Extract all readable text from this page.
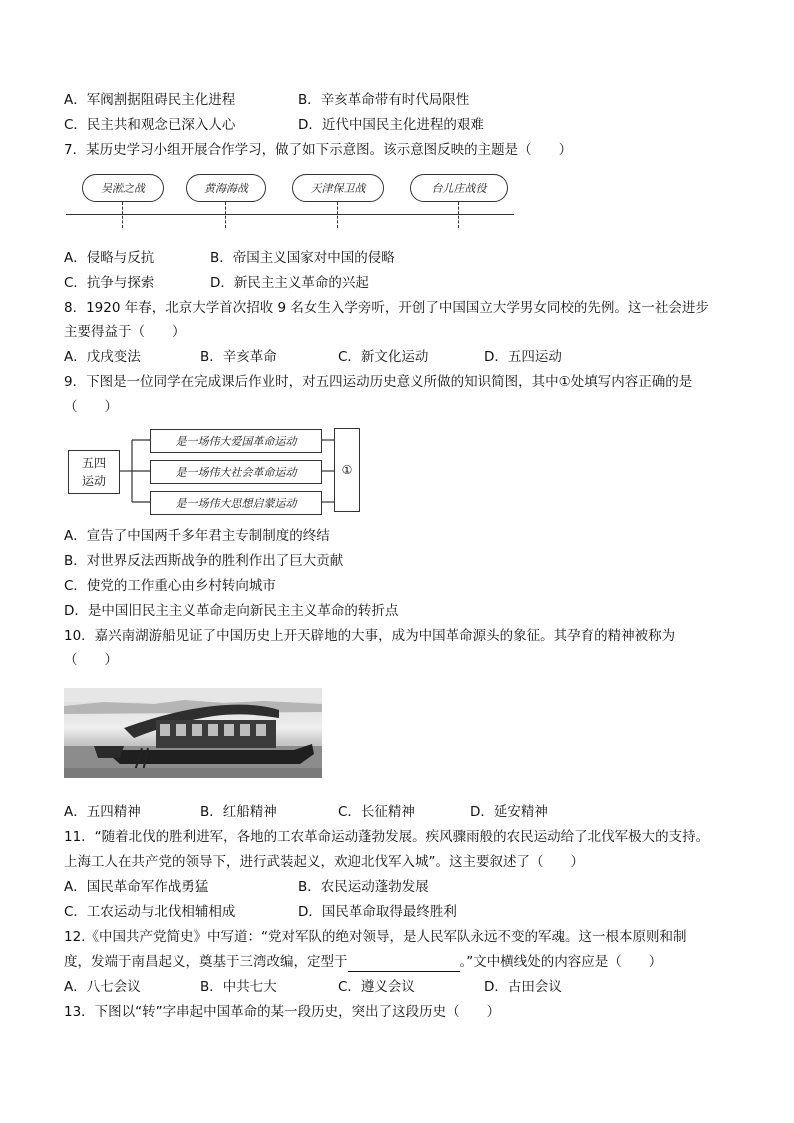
A．军阀割据阻碍民主化进程	B．辛亥革命带有时代局限性
C．民主共和观念已深入人心	D．近代中国民主化进程的艰难
7．某历史学习小组开展合作学习，做了如下示意图。该示意图反映的主题是（　　）
吴淞之战	黄海海战	天津保卫战	台儿庄战役
A．侵略与反抗	B．帝国主义国家对中国的侵略
C．抗争与探索	D．新民主主义革命的兴起
8．1920 年春，北京大学首次招收 9 名女生入学旁听，开创了中国国立大学男女同校的先例。这一社会进步
主要得益于（　　）
A．戊戌变法	B．辛亥革命	C．新文化运动	D．五四运动
9．下图是一位同学在完成课后作业时，对五四运动历史意义所做的知识简图，其中①处填写内容正确的是
（　　）
五四
运动
是一场伟大爱国革命运动
是一场伟大社会革命运动
是一场伟大思想启蒙运动
①
A．宣告了中国两千多年君主专制制度的终结
B．对世界反法西斯战争的胜利作出了巨大贡献
C．使党的工作重心由乡村转向城市
D．是中国旧民主主义革命走向新民主主义革命的转折点
10．嘉兴南湖游船见证了中国历史上开天辟地的大事，成为中国革命源头的象征。其孕育的精神被称为
（　　）
A．五四精神	B．红船精神	C．长征精神	D．延安精神
11．“随着北伐的胜利进军，各地的工农革命运动蓬勃发展。疾风骤雨般的农民运动给了北伐军极大的支持。
上海工人在共产党的领导下，进行武装起义，欢迎北伐军入城”。这主要叙述了（　　）
A．国民革命军作战勇猛	B．农民运动蓬勃发展
C．工农运动与北伐相辅相成	D．国民革命取得最终胜利
12.《中国共产党简史》中写道：“党对军队的绝对领导，是人民军队永远不变的军魂。这一根本原则和制
度，发端于南昌起义，奠基于三湾改编，定型于	。”文中横线处的内容应是（　　）
A．八七会议	B．中共七大	C．遵义会议	D．古田会议
13．下图以“转”字串起中国革命的某一段历史，突出了这段历史（　　）
